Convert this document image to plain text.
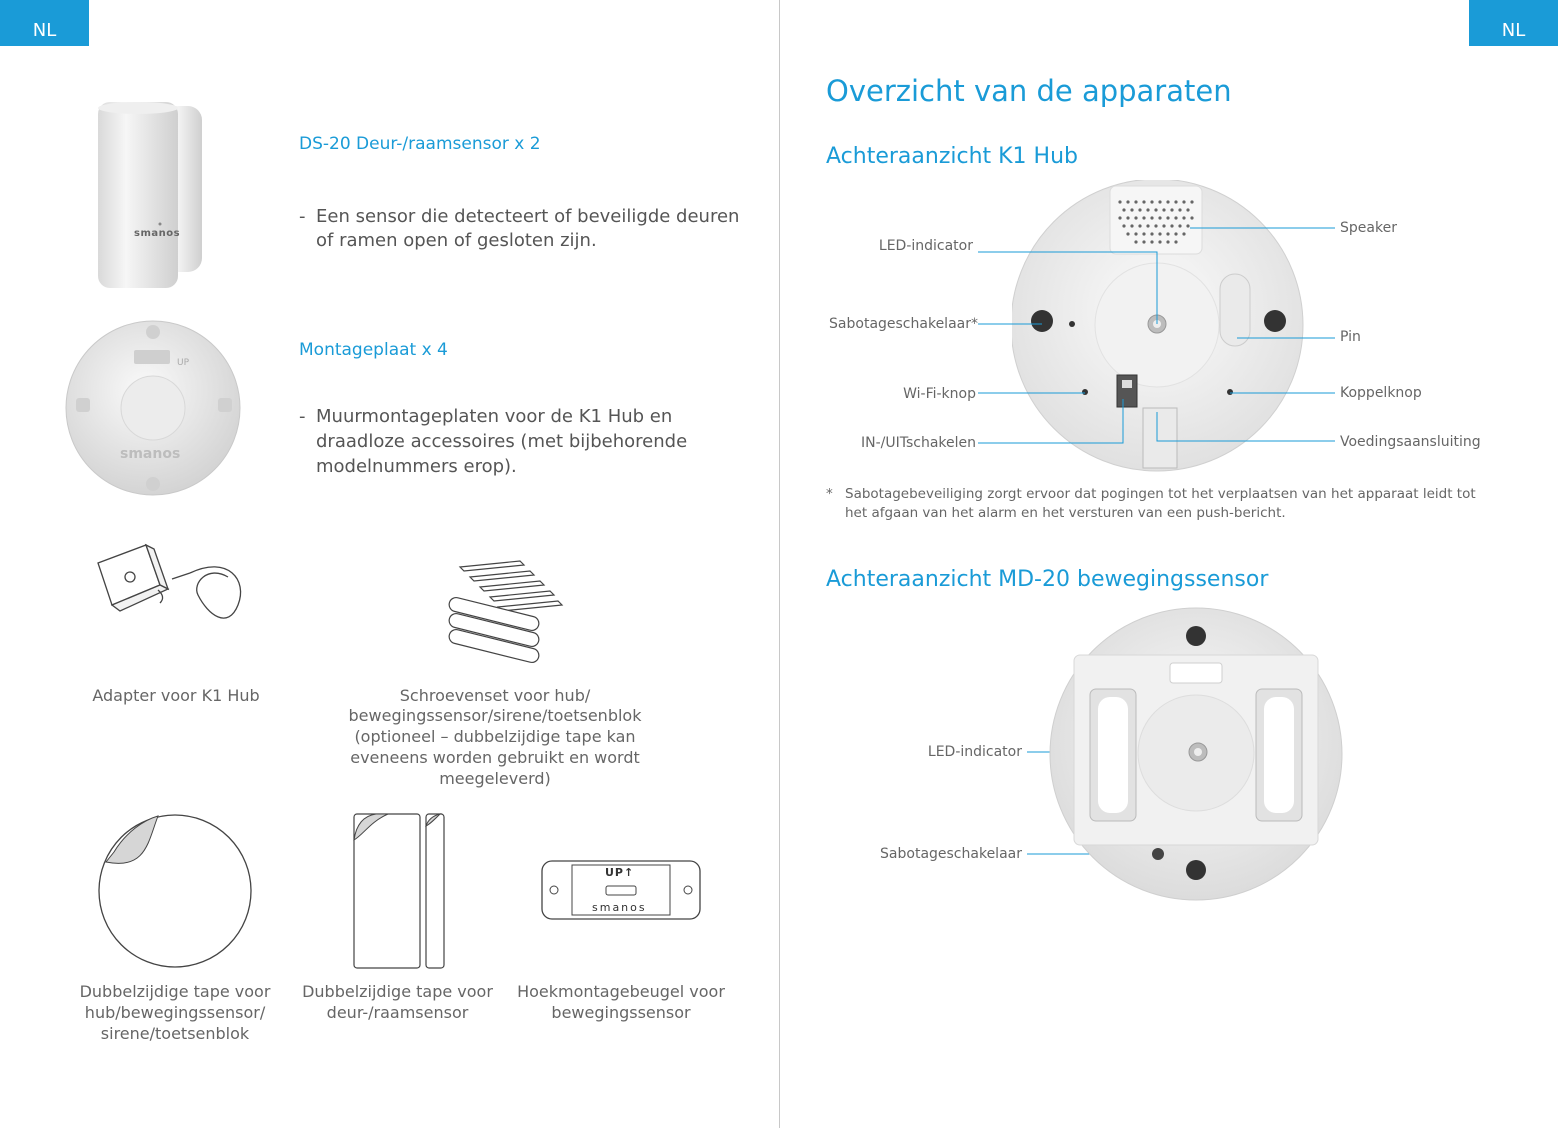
NL	NL
smanos
DS-20 Deur-/raamsensor x 2
- Een sensor die detecteert of beveiligde deuren
of ramen open of gesloten zijn.
smanos
UP
Montageplaat x 4
- Muurmontageplaten voor de K1 Hub en
draadloze accessoires (met bijbehorende
modelnummers erop).
Adapter voor K1 Hub	Schroevenset voor hub/
bewegingssensor/sirene/toetsenblok
(optioneel – dubbelzijdige tape kan
eveneens worden gebruikt en wordt
meegeleverd)
Dubbelzijdige tape voor
hub/bewegingssensor/
sirene/toetsenblok
Dubbelzijdige tape voor
deur-/raamsensor
UP↑
smanos
Hoekmontagebeugel voor
bewegingssensor
Overzicht van de apparaten
Achteraanzicht K1 Hub
LED-indicator
Sabotageschakelaar*
Wi-Fi-knop
IN-/UITschakelen
Speaker
Pin
Koppelknop
Voedingsaansluiting
* Sabotagebeveiliging zorgt ervoor dat pogingen tot het verplaatsen van het apparaat leidt tot
het afgaan van het alarm en het versturen van een push-bericht.
Achteraanzicht MD-20 bewegingssensor
LED-indicator
Sabotageschakelaar
